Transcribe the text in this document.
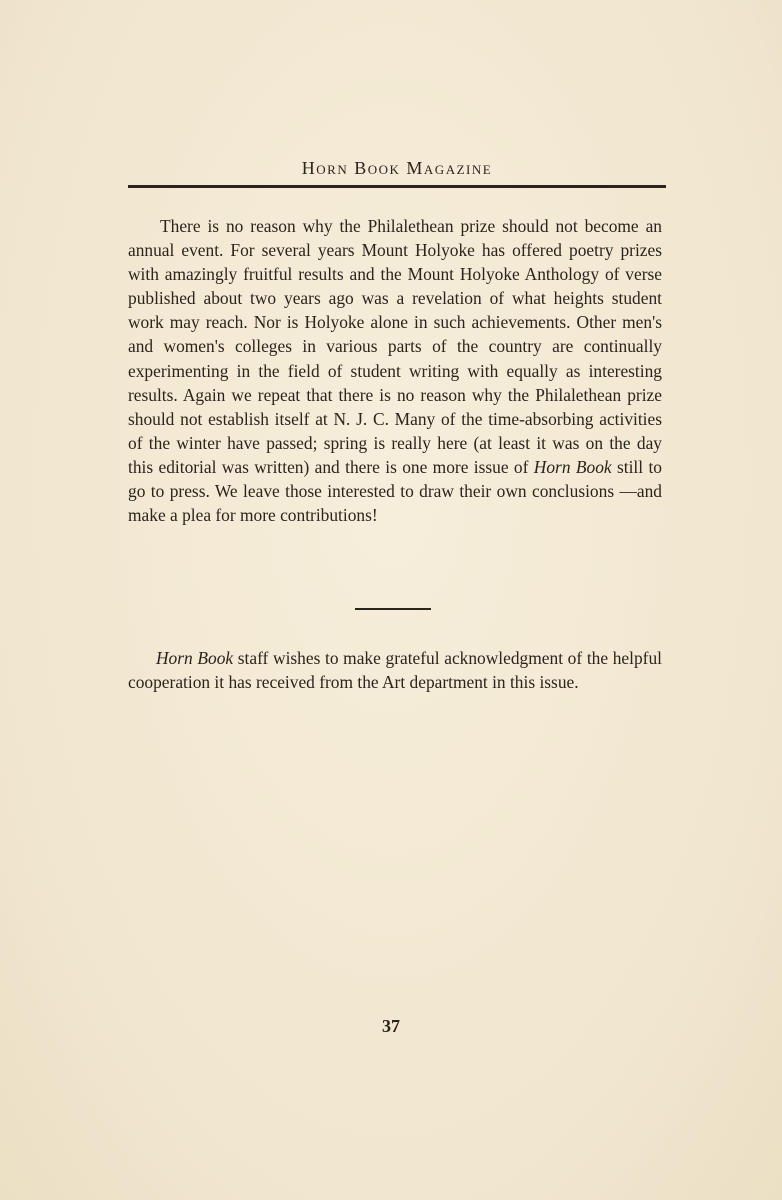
Horn Book Magazine

There is no reason why the Philalethean prize should not become an annual event. For several years Mount Holyoke has offered poetry prizes with amazingly fruitful results and the Mount Holyoke Anthology of verse published about two years ago was a revelation of what heights student work may reach. Nor is Holyoke alone in such achievements. Other men's and women's colleges in various parts of the country are continually experimenting in the field of student writing with equally as interesting results. Again we repeat that there is no reason why the Philalethean prize should not establish itself at N. J. C. Many of the time-absorbing activities of the winter have passed; spring is really here (at least it was on the day this editorial was written) and there is one more issue of Horn Book still to go to press. We leave those interested to draw their own conclusions —and make a plea for more contributions!

Horn Book staff wishes to make grateful acknowledgment of the helpful cooperation it has received from the Art department in this issue.

37
